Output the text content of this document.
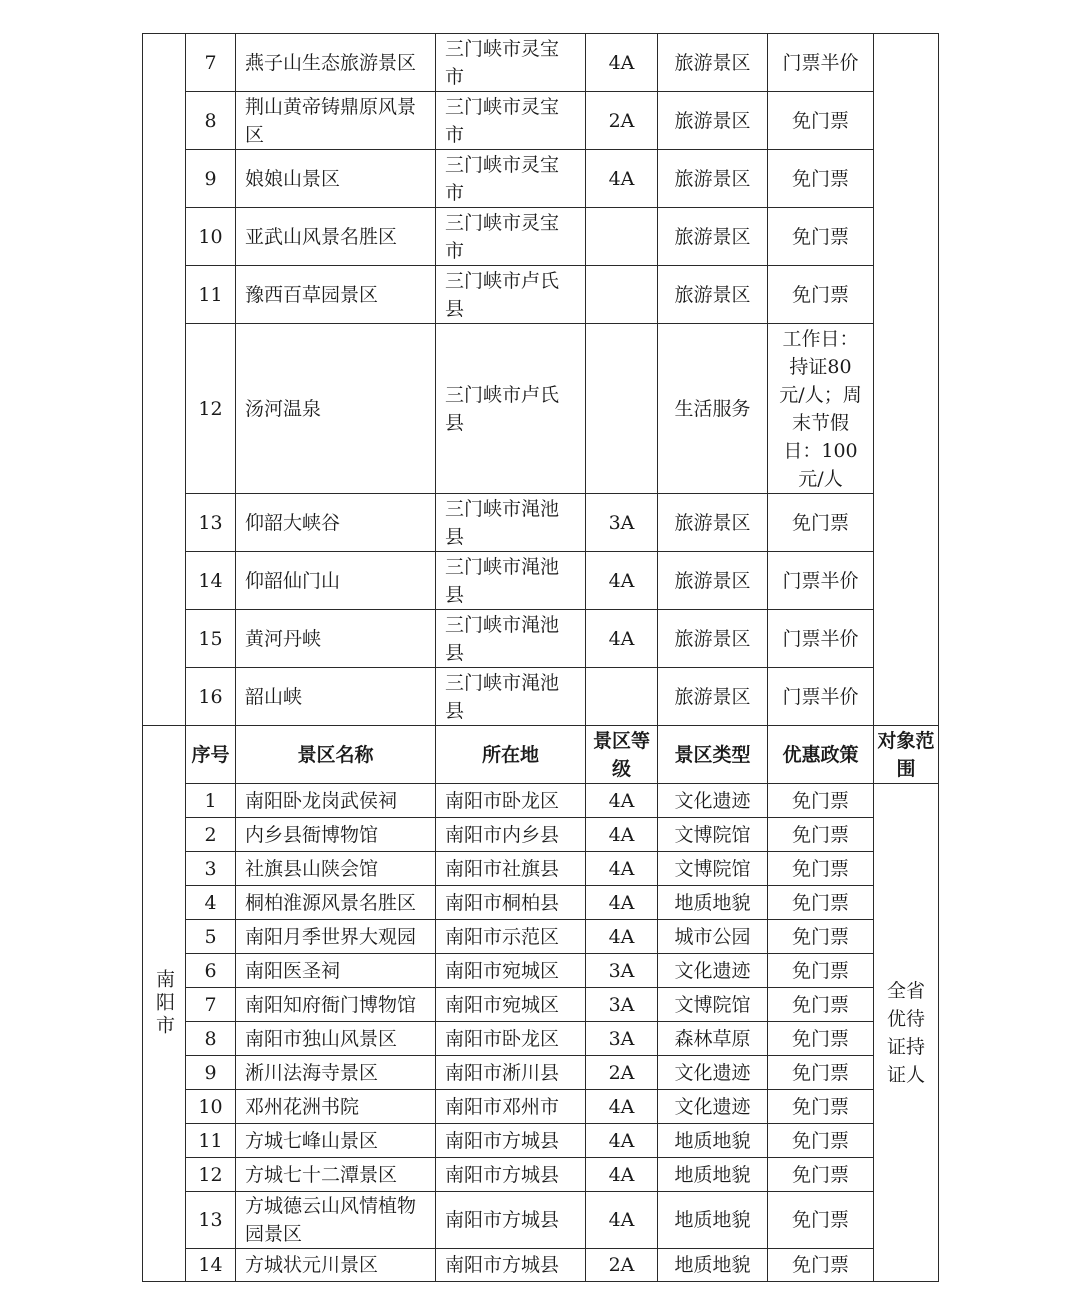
	7	燕子山生态旅游景区	三门峡市灵宝市	4A	旅游景区	门票半价	
	8	荆山黄帝铸鼎原风景区	三门峡市灵宝市	2A	旅游景区	免门票	
	9	娘娘山景区	三门峡市灵宝市	4A	旅游景区	免门票	
	10	亚武山风景名胜区	三门峡市灵宝市		旅游景区	免门票	
	11	豫西百草园景区	三门峡市卢氏县		旅游景区	免门票	
	12	汤河温泉	三门峡市卢氏县		生活服务	工作日：持证80元/人；周末节假日：100元/人	
	13	仰韶大峡谷	三门峡市渑池县	3A	旅游景区	免门票	
	14	仰韶仙门山	三门峡市渑池县	4A	旅游景区	门票半价	
	15	黄河丹峡	三门峡市渑池县	4A	旅游景区	门票半价	
	16	韶山峡	三门峡市渑池县		旅游景区	门票半价	
南阳市	序号	景区名称	所在地	景区等级	景区类型	优惠政策	对象范围
	1	南阳卧龙岗武侯祠	南阳市卧龙区	4A	文化遗迹	免门票	全省优待证持证人
	2	内乡县衙博物馆	南阳市内乡县	4A	文博院馆	免门票	
	3	社旗县山陕会馆	南阳市社旗县	4A	文博院馆	免门票	
	4	桐柏淮源风景名胜区	南阳市桐柏县	4A	地质地貌	免门票	
	5	南阳月季世界大观园	南阳市示范区	4A	城市公园	免门票	
	6	南阳医圣祠	南阳市宛城区	3A	文化遗迹	免门票	
	7	南阳知府衙门博物馆	南阳市宛城区	3A	文博院馆	免门票	
	8	南阳市独山风景区	南阳市卧龙区	3A	森林草原	免门票	
	9	淅川法海寺景区	南阳市淅川县	2A	文化遗迹	免门票	
	10	邓州花洲书院	南阳市邓州市	4A	文化遗迹	免门票	
	11	方城七峰山景区	南阳市方城县	4A	地质地貌	免门票	
	12	方城七十二潭景区	南阳市方城县	4A	地质地貌	免门票	
	13	方城德云山风情植物园景区	南阳市方城县	4A	地质地貌	免门票	
	14	方城状元川景区	南阳市方城县	2A	地质地貌	免门票	
